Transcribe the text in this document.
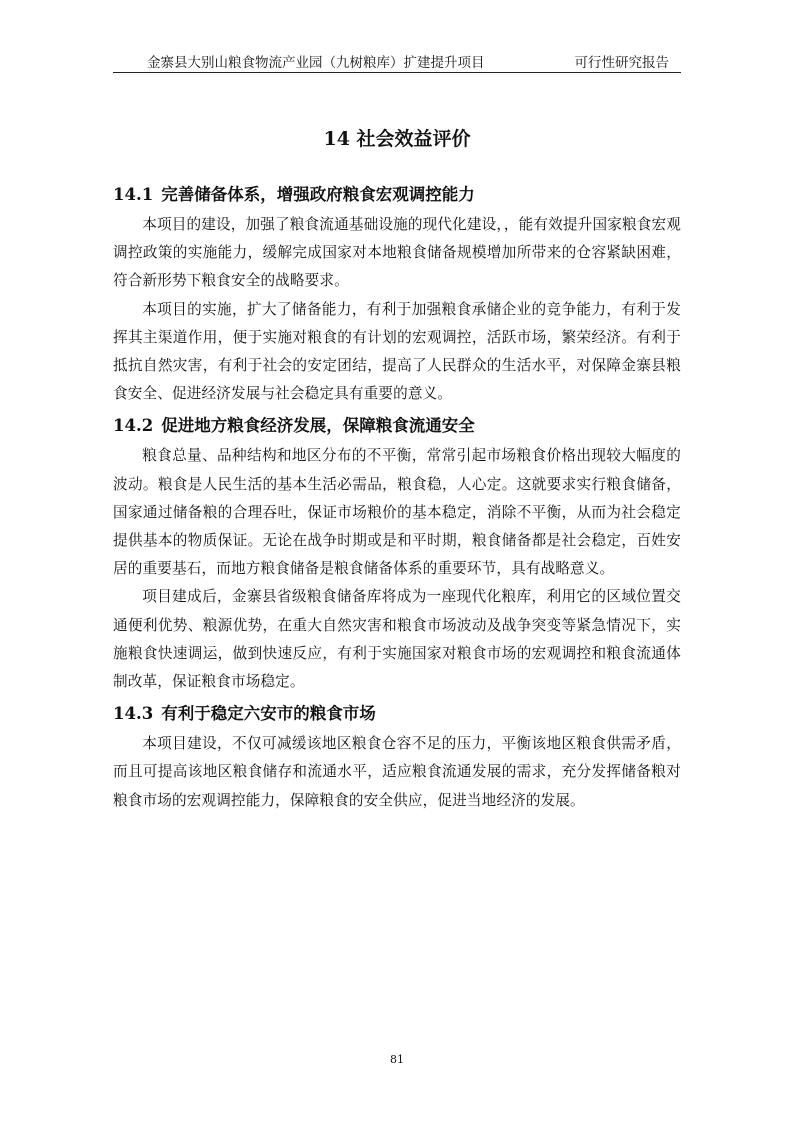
金寨县大别山粮食物流产业园（九树粮库）扩建提升项目	可行性研究报告
14 社会效益评价
14.1 完善储备体系，增强政府粮食宏观调控能力

本项目的建设，加强了粮食流通基础设施的现代化建设，，能有效提升国家粮食宏观调控政策的实施能力，缓解完成国家对本地粮食储备规模增加所带来的仓容紧缺困难，符合新形势下粮食安全的战略要求。

本项目的实施，扩大了储备能力，有利于加强粮食承储企业的竞争能力，有利于发挥其主渠道作用，便于实施对粮食的有计划的宏观调控，活跃市场，繁荣经济。有利于抵抗自然灾害，有利于社会的安定团结，提高了人民群众的生活水平，对保障金寨县粮食安全、促进经济发展与社会稳定具有重要的意义。

14.2 促进地方粮食经济发展，保障粮食流通安全

粮食总量、品种结构和地区分布的不平衡，常常引起市场粮食价格出现较大幅度的波动。粮食是人民生活的基本生活必需品，粮食稳，人心定。这就要求实行粮食储备，国家通过储备粮的合理吞吐，保证市场粮价的基本稳定，消除不平衡，从而为社会稳定提供基本的物质保证。无论在战争时期或是和平时期，粮食储备都是社会稳定，百姓安居的重要基石，而地方粮食储备是粮食储备体系的重要环节，具有战略意义。

项目建成后，金寨县省级粮食储备库将成为一座现代化粮库，利用它的区域位置交通便利优势、粮源优势，在重大自然灾害和粮食市场波动及战争突变等紧急情况下，实施粮食快速调运，做到快速反应，有利于实施国家对粮食市场的宏观调控和粮食流通体制改革，保证粮食市场稳定。

14.3 有利于稳定六安市的粮食市场

本项目建设，不仅可减缓该地区粮食仓容不足的压力，平衡该地区粮食供需矛盾，而且可提高该地区粮食储存和流通水平，适应粮食流通发展的需求，充分发挥储备粮对粮食市场的宏观调控能力，保障粮食的安全供应，促进当地经济的发展。

81
